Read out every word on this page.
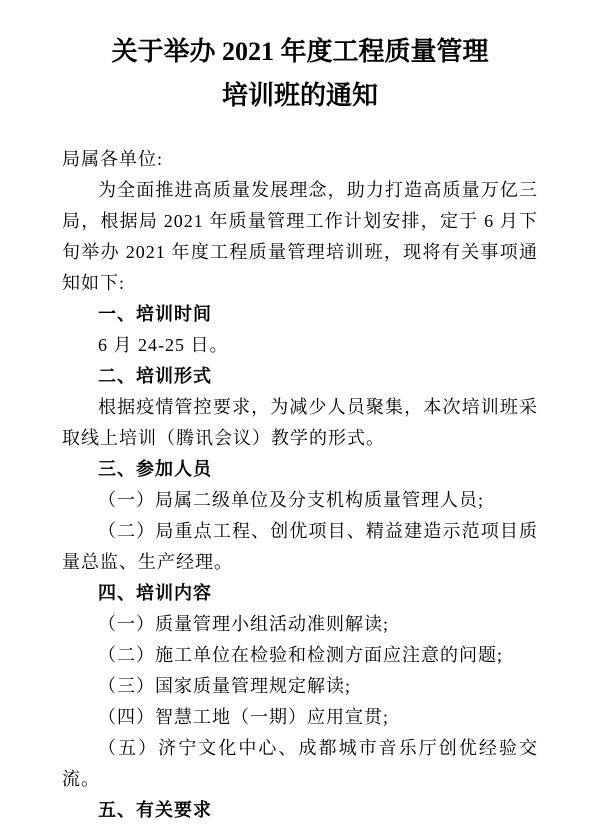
关于举办 2021 年度工程质量管理
培训班的通知

局属各单位:

为全面推进高质量发展理念，助力打造高质量万亿三局，根据局 2021 年质量管理工作计划安排，定于 6 月下旬举办 2021 年度工程质量管理培训班，现将有关事项通知如下:

一、培训时间

6 月 24-25 日。

二、培训形式

根据疫情管控要求，为减少人员聚集，本次培训班采取线上培训（腾讯会议）教学的形式。

三、参加人员

（一）局属二级单位及分支机构质量管理人员;

（二）局重点工程、创优项目、精益建造示范项目质量总监、生产经理。

四、培训内容

（一）质量管理小组活动准则解读;

（二）施工单位在检验和检测方面应注意的问题;

（三）国家质量管理规定解读;

（四）智慧工地（一期）应用宣贯;

（五）济宁文化中心、成都城市音乐厅创优经验交流。

五、有关要求
